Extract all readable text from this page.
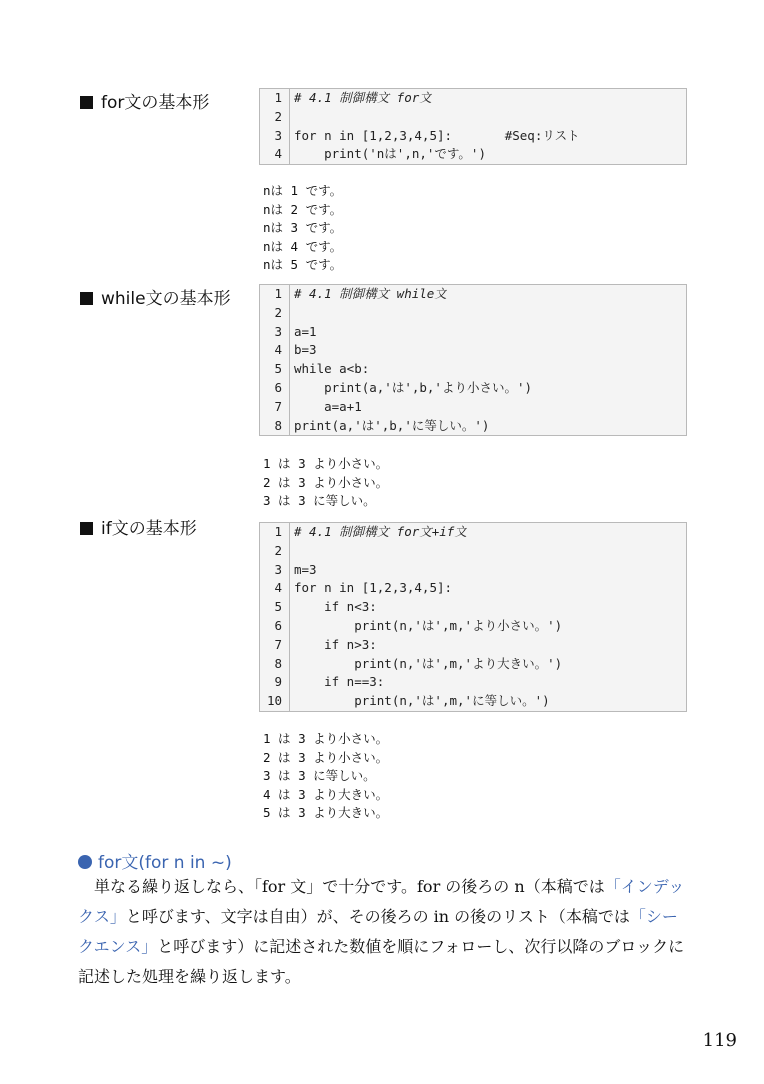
for文の基本形	1 # 4.1 制御構文 for文
2
3 for n in [1,2,3,4,5]:       #Seq:リスト
4 print('nは',n,'です。')
nは 1 です。
nは 2 です。
nは 3 です。
nは 4 です。
nは 5 です。
while文の基本形	1 # 4.1 制御構文 while文
2
3 a=1
4 b=3
5 while a<b:
6 print(a,'は',b,'より小さい。')
7 a=a+1
8 print(a,'は',b,'に等しい。')
1 は 3 より小さい。
2 は 3 より小さい。
3 は 3 に等しい。
if文の基本形	1 # 4.1 制御構文 for文+if文
2
3 m=3
4 for n in [1,2,3,4,5]:
5 if n<3:
6 print(n,'は',m,'より小さい。')
7 if n>3:
8 print(n,'は',m,'より大きい。')
9 if n==3:
10 print(n,'は',m,'に等しい。')
1 は 3 より小さい。
2 は 3 より小さい。
3 は 3 に等しい。
4 は 3 より大きい。
5 は 3 より大きい。
for文(for n in ~)
単なる繰り返しなら、「for 文」で十分です。for の後ろの n（本稿では「インデックス」と呼びます、文字は自由）が、その後ろの in の後のリスト（本稿では「シークエンス」と呼びます）に記述された数値を順にフォローし、次行以降のブロックに記述した処理を繰り返します。
119
